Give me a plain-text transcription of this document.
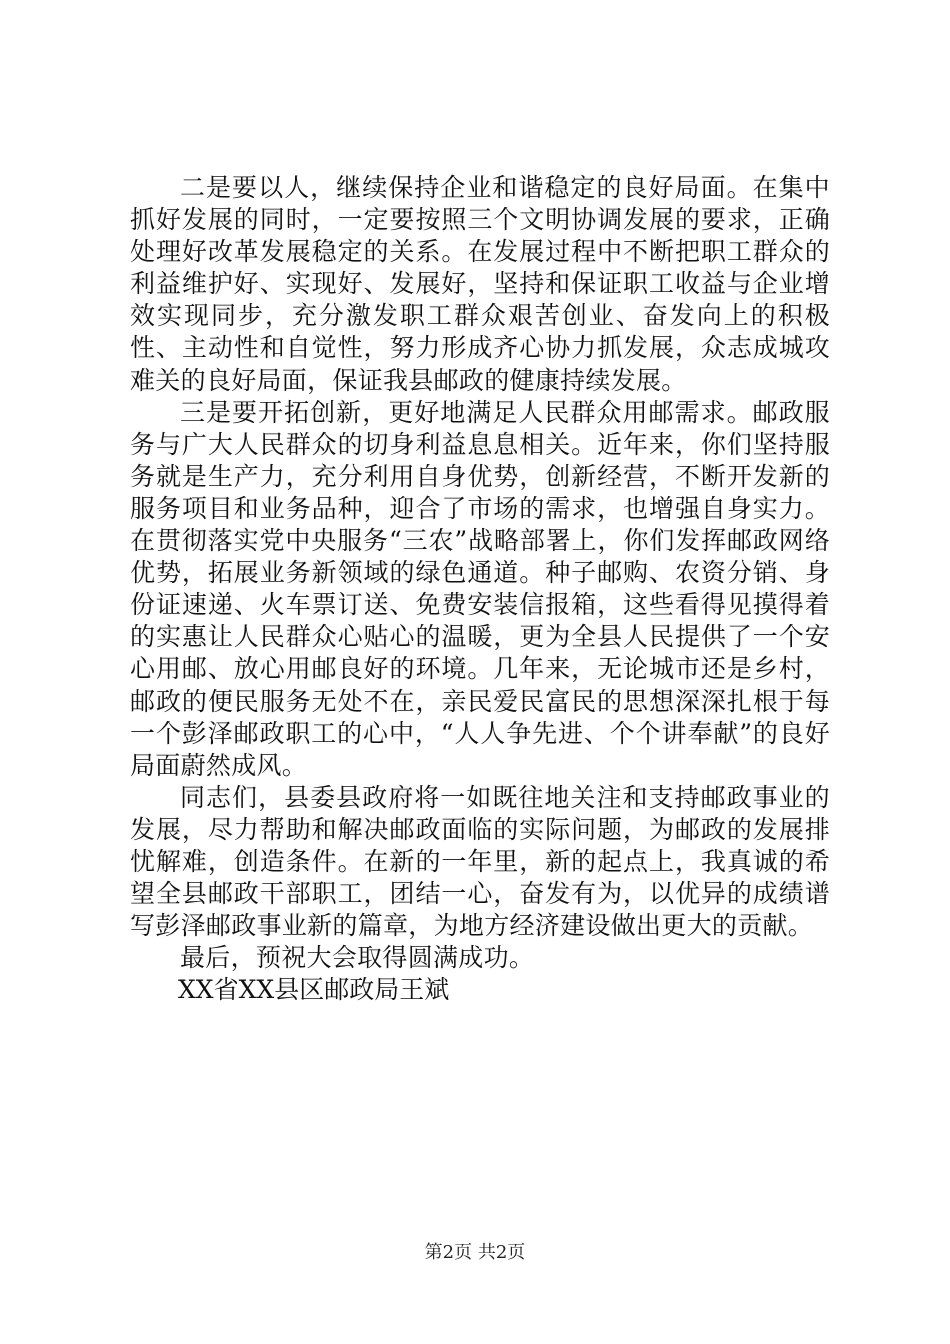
二是要以人，继续保持企业和谐稳定的良好局面。在集中抓好发展的同时，一定要按照三个文明协调发展的要求，正确处理好改革发展稳定的关系。在发展过程中不断把职工群众的利益维护好、实现好、发展好，坚持和保证职工收益与企业增效实现同步，充分激发职工群众艰苦创业、奋发向上的积极性、主动性和自觉性，努力形成齐心协力抓发展，众志成城攻难关的良好局面，保证我县邮政的健康持续发展。

三是要开拓创新，更好地满足人民群众用邮需求。邮政服务与广大人民群众的切身利益息息相关。近年来，你们坚持服务就是生产力，充分利用自身优势，创新经营，不断开发新的服务项目和业务品种，迎合了市场的需求，也增强自身实力。在贯彻落实党中央服务“三农”战略部署上，你们发挥邮政网络优势，拓展业务新领域的绿色通道。种子邮购、农资分销、身份证速递、火车票订送、免费安装信报箱，这些看得见摸得着的实惠让人民群众心贴心的温暖，更为全县人民提供了一个安心用邮、放心用邮良好的环境。几年来，无论城市还是乡村，邮政的便民服务无处不在，亲民爱民富民的思想深深扎根于每一个彭泽邮政职工的心中，“人人争先进、个个讲奉献”的良好局面蔚然成风。

同志们，县委县政府将一如既往地关注和支持邮政事业的发展，尽力帮助和解决邮政面临的实际问题，为邮政的发展排忧解难，创造条件。在新的一年里，新的起点上，我真诚的希望全县邮政干部职工，团结一心，奋发有为，以优异的成绩谱写彭泽邮政事业新的篇章，为地方经济建设做出更大的贡献。

最后，预祝大会取得圆满成功。

XX省XX县区邮政局王斌

第2页 共2页
